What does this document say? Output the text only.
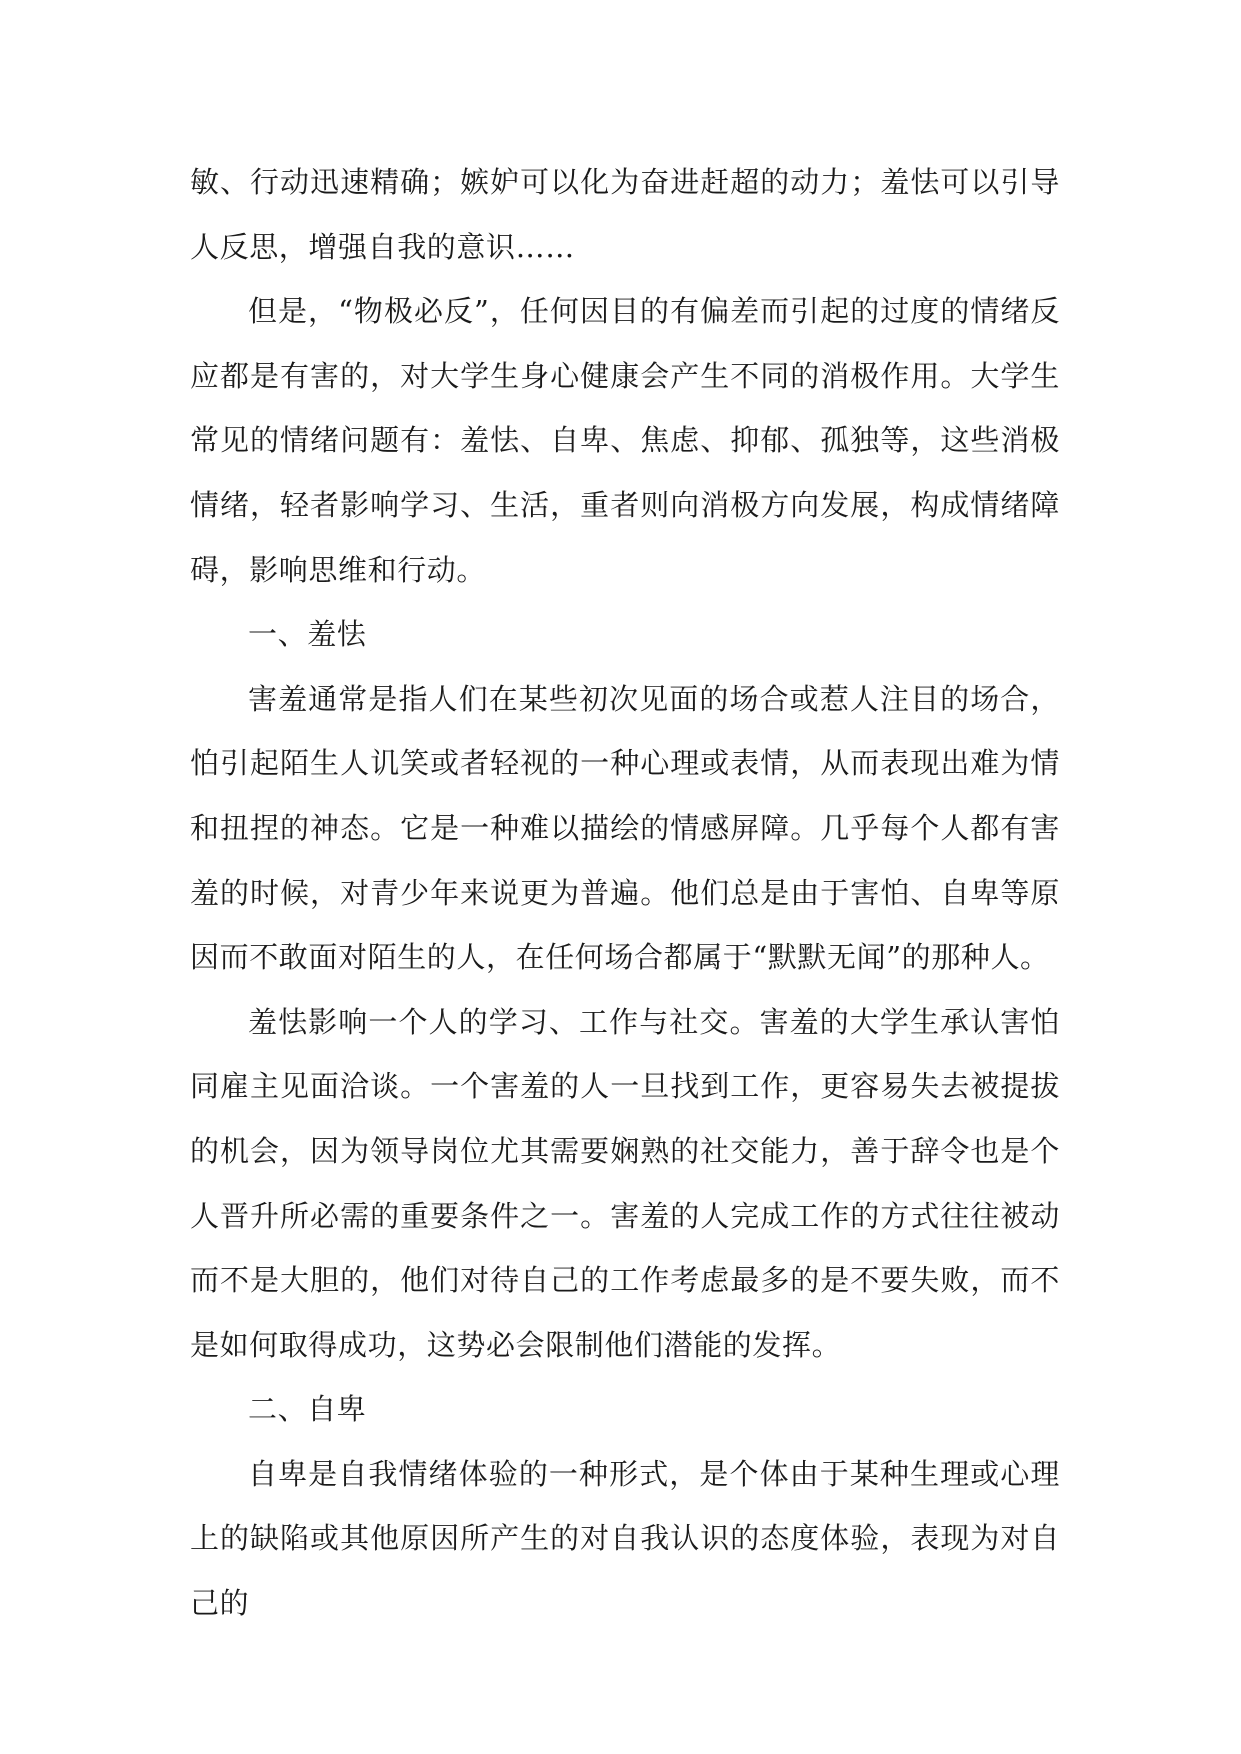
敏、行动迅速精确；嫉妒可以化为奋进赶超的动力；羞怯可以引导人反思，增强自我的意识……

但是，“物极必反”，任何因目的有偏差而引起的过度的情绪反应都是有害的，对大学生身心健康会产生不同的消极作用。大学生常见的情绪问题有：羞怯、自卑、焦虑、抑郁、孤独等，这些消极情绪，轻者影响学习、生活，重者则向消极方向发展，构成情绪障碍，影响思维和行动。

一、羞怯

害羞通常是指人们在某些初次见面的场合或惹人注目的场合，怕引起陌生人讥笑或者轻视的一种心理或表情，从而表现出难为情和扭捏的神态。它是一种难以描绘的情感屏障。几乎每个人都有害羞的时候，对青少年来说更为普遍。他们总是由于害怕、自卑等原因而不敢面对陌生的人，在任何场合都属于“默默无闻”的那种人。

羞怯影响一个人的学习、工作与社交。害羞的大学生承认害怕同雇主见面洽谈。一个害羞的人一旦找到工作，更容易失去被提拔的机会，因为领导岗位尤其需要娴熟的社交能力，善于辞令也是个人晋升所必需的重要条件之一。害羞的人完成工作的方式往往被动而不是大胆的，他们对待自己的工作考虑最多的是不要失败，而不是如何取得成功，这势必会限制他们潜能的发挥。

二、自卑

自卑是自我情绪体验的一种形式，是个体由于某种生理或心理上的缺陷或其他原因所产生的对自我认识的态度体验，表现为对自己的
